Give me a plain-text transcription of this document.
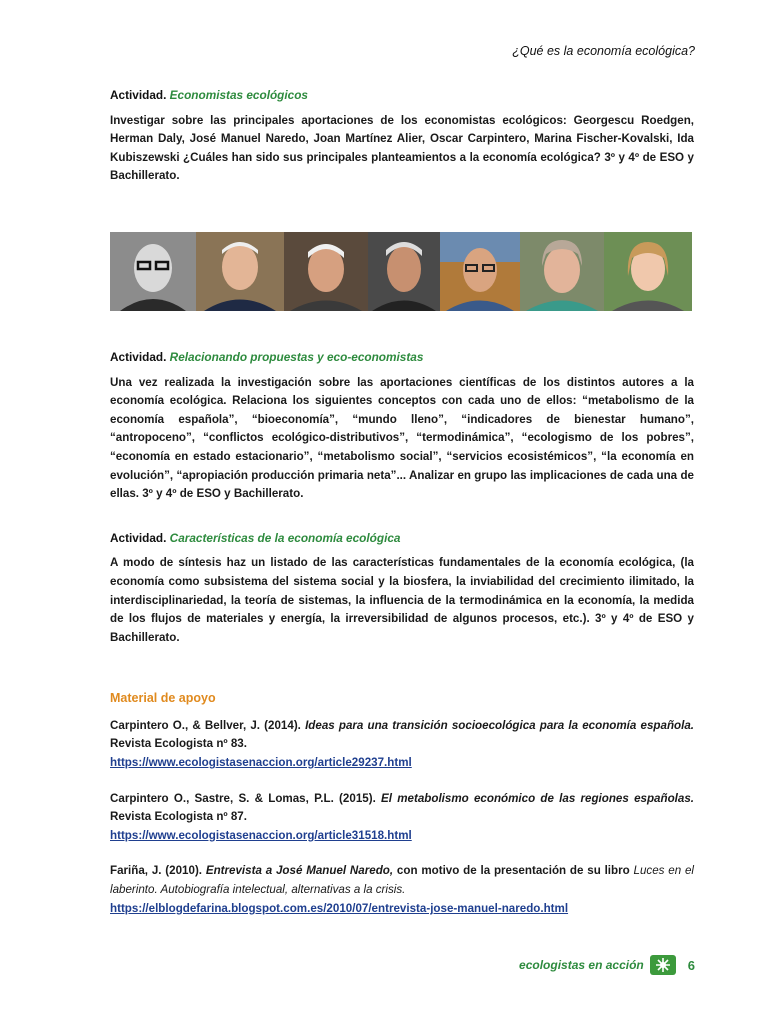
¿Qué es la economía ecológica?

Actividad. Economistas ecológicos

Investigar sobre las principales aportaciones de los economistas ecológicos: Georgescu Roedgen, Herman Daly, José Manuel Naredo, Joan Martínez Alier, Oscar Carpintero, Marina Fischer-Kovalski, Ida Kubiszewski ¿Cuáles han sido sus principales planteamientos a la economía ecológica? 3º y 4º de ESO y Bachillerato.

Actividad. Relacionando propuestas y eco-economistas

Una vez realizada la investigación sobre las aportaciones científicas de los distintos autores a la economía ecológica. Relaciona los siguientes conceptos con cada uno de ellos: “metabolismo de la economía española”, “bioeconomía”, “mundo lleno”, “indicadores de bienestar humano”, “antropoceno”, “conflictos ecológico-distributivos”, “termodinámica”, “ecologismo de los pobres”, “economía en estado estacionario”, “metabolismo social”, “servicios ecosistémicos”, “la economía en evolución”, “apropiación producción primaria neta”... Analizar en grupo las implicaciones de cada una de ellas. 3º y 4º de ESO y Bachillerato.

Actividad. Características de la economía ecológica

A modo de síntesis haz un listado de las características fundamentales de la economía ecológica, (la economía como subsistema del sistema social y la biosfera, la inviabilidad del crecimiento ilimitado, la interdisciplinariedad, la teoría de sistemas, la influencia de la termodinámica en la economía, la medida de los flujos de materiales y energía, la irreversibilidad de algunos procesos, etc.). 3º y 4º de ESO y Bachillerato.

Material de apoyo

Carpintero O., & Bellver, J. (2014). Ideas para una transición socioecológica para la economía española. Revista Ecologista nº 83.
https://www.ecologistasenaccion.org/article29237.html

Carpintero O., Sastre, S. & Lomas, P.L. (2015). El metabolismo económico de las regiones españolas. Revista Ecologista nº 87.
https://www.ecologistasenaccion.org/article31518.html

Fariña, J. (2010). Entrevista a José Manuel Naredo, con motivo de la presentación de su libro Luces en el laberinto. Autobiografía intelectual, alternativas a la crisis.
https://elblogdefarina.blogspot.com.es/2010/07/entrevista-jose-manuel-naredo.html

ecologistas en acción	6
